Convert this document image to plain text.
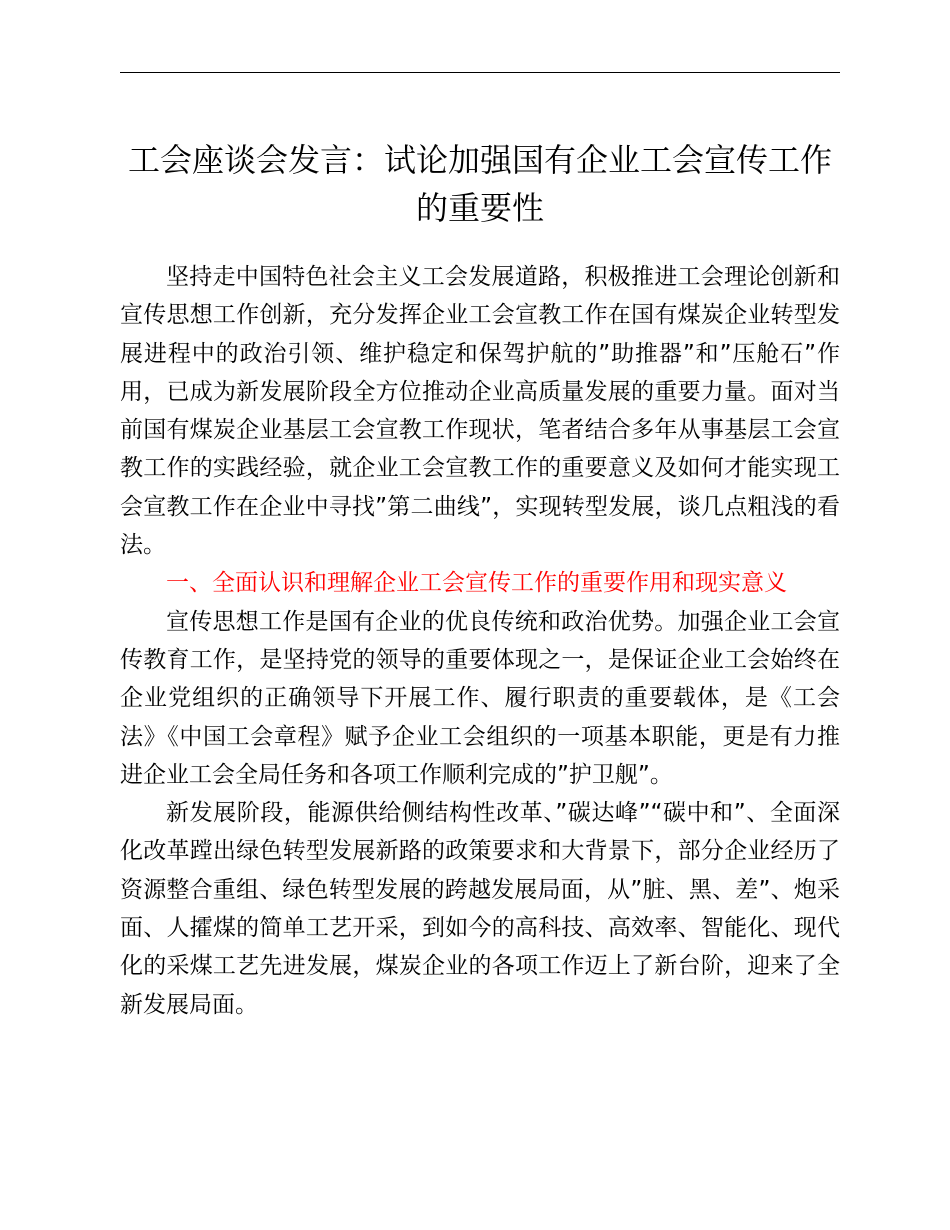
工会座谈会发言：试论加强国有企业工会宣传工作的重要性

坚持走中国特色社会主义工会发展道路，积极推进工会理论创新和宣传思想工作创新，充分发挥企业工会宣教工作在国有煤炭企业转型发展进程中的政治引领、维护稳定和保驾护航的”助推器”和”压舱石”作用，已成为新发展阶段全方位推动企业高质量发展的重要力量。面对当前国有煤炭企业基层工会宣教工作现状，笔者结合多年从事基层工会宣教工作的实践经验，就企业工会宣教工作的重要意义及如何才能实现工会宣教工作在企业中寻找”第二曲线”，实现转型发展，谈几点粗浅的看法。

一、全面认识和理解企业工会宣传工作的重要作用和现实意义

宣传思想工作是国有企业的优良传统和政治优势。加强企业工会宣传教育工作，是坚持党的领导的重要体现之一，是保证企业工会始终在企业党组织的正确领导下开展工作、履行职责的重要载体，是《工会法》《中国工会章程》赋予企业工会组织的一项基本职能，更是有力推进企业工会全局任务和各项工作顺利完成的”护卫舰”。

新发展阶段，能源供给侧结构性改革、”碳达峰”“碳中和”、全面深化改革蹚出绿色转型发展新路的政策要求和大背景下，部分企业经历了资源整合重组、绿色转型发展的跨越发展局面，从”脏、黑、差”、炮采面、人攉煤的简单工艺开采，到如今的高科技、高效率、智能化、现代化的采煤工艺先进发展，煤炭企业的各项工作迈上了新台阶，迎来了全新发展局面。
